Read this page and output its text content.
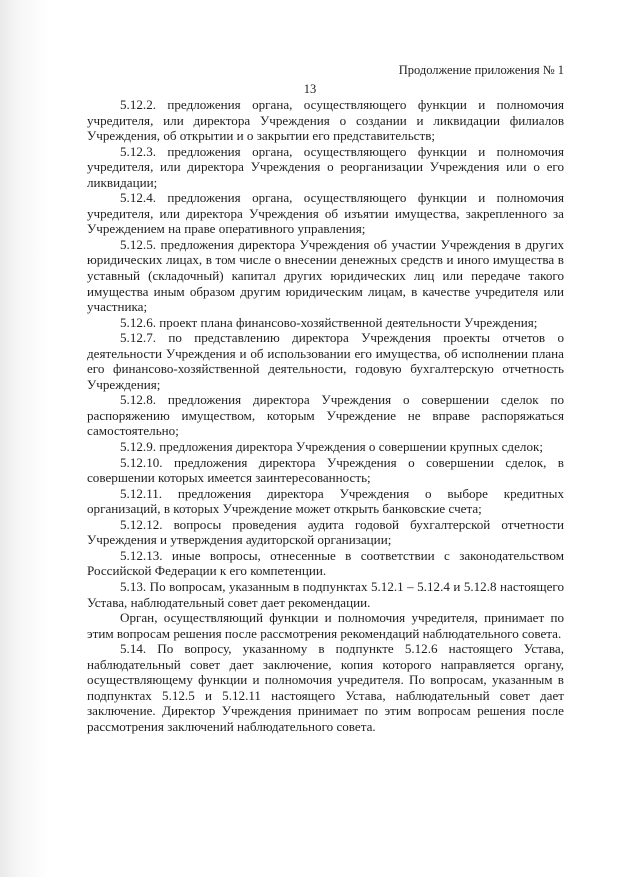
Продолжение приложения № 1
13

5.12.2. предложения органа, осуществляющего функции и полномочия учредителя, или директора Учреждения о создании и ликвидации филиалов Учреждения, об открытии и о закрытии его представительств;

5.12.3. предложения органа, осуществляющего функции и полномочия учредителя, или директора Учреждения о реорганизации Учреждения или о его ликвидации;

5.12.4. предложения органа, осуществляющего функции и полномочия учредителя, или директора Учреждения об изъятии имущества, закрепленного за Учреждением на праве оперативного управления;

5.12.5. предложения директора Учреждения об участии Учреждения в других юридических лицах, в том числе о внесении денежных средств и иного имущества в уставный (складочный) капитал других юридических лиц или передаче такого имущества иным образом другим юридическим лицам, в качестве учредителя или участника;

5.12.6. проект плана финансово-хозяйственной деятельности Учреждения;

5.12.7. по представлению директора Учреждения проекты отчетов о деятельности Учреждения и об использовании его имущества, об исполнении плана его финансово-хозяйственной деятельности, годовую бухгалтерскую отчетность Учреждения;

5.12.8. предложения директора Учреждения о совершении сделок по распоряжению имуществом, которым Учреждение не вправе распоряжаться самостоятельно;

5.12.9. предложения директора Учреждения о совершении крупных сделок;

5.12.10. предложения директора Учреждения о совершении сделок, в совершении которых имеется заинтересованность;

5.12.11. предложения директора Учреждения о выборе кредитных организаций, в которых Учреждение может открыть банковские счета;

5.12.12. вопросы проведения аудита годовой бухгалтерской отчетности Учреждения и утверждения аудиторской организации;

5.12.13. иные вопросы, отнесенные в соответствии с законодательством Российской Федерации к его компетенции.

5.13. По вопросам, указанным в подпунктах 5.12.1 – 5.12.4 и 5.12.8 настоящего Устава, наблюдательный совет дает рекомендации.

Орган, осуществляющий функции и полномочия учредителя, принимает по этим вопросам решения после рассмотрения рекомендаций наблюдательного совета.

5.14. По вопросу, указанному в подпункте 5.12.6 настоящего Устава, наблюдательный совет дает заключение, копия которого направляется органу, осуществляющему функции и полномочия учредителя. По вопросам, указанным в подпунктах 5.12.5 и 5.12.11 настоящего Устава, наблюдательный совет дает заключение. Директор Учреждения принимает по этим вопросам решения после рассмотрения заключений наблюдательного совета.
